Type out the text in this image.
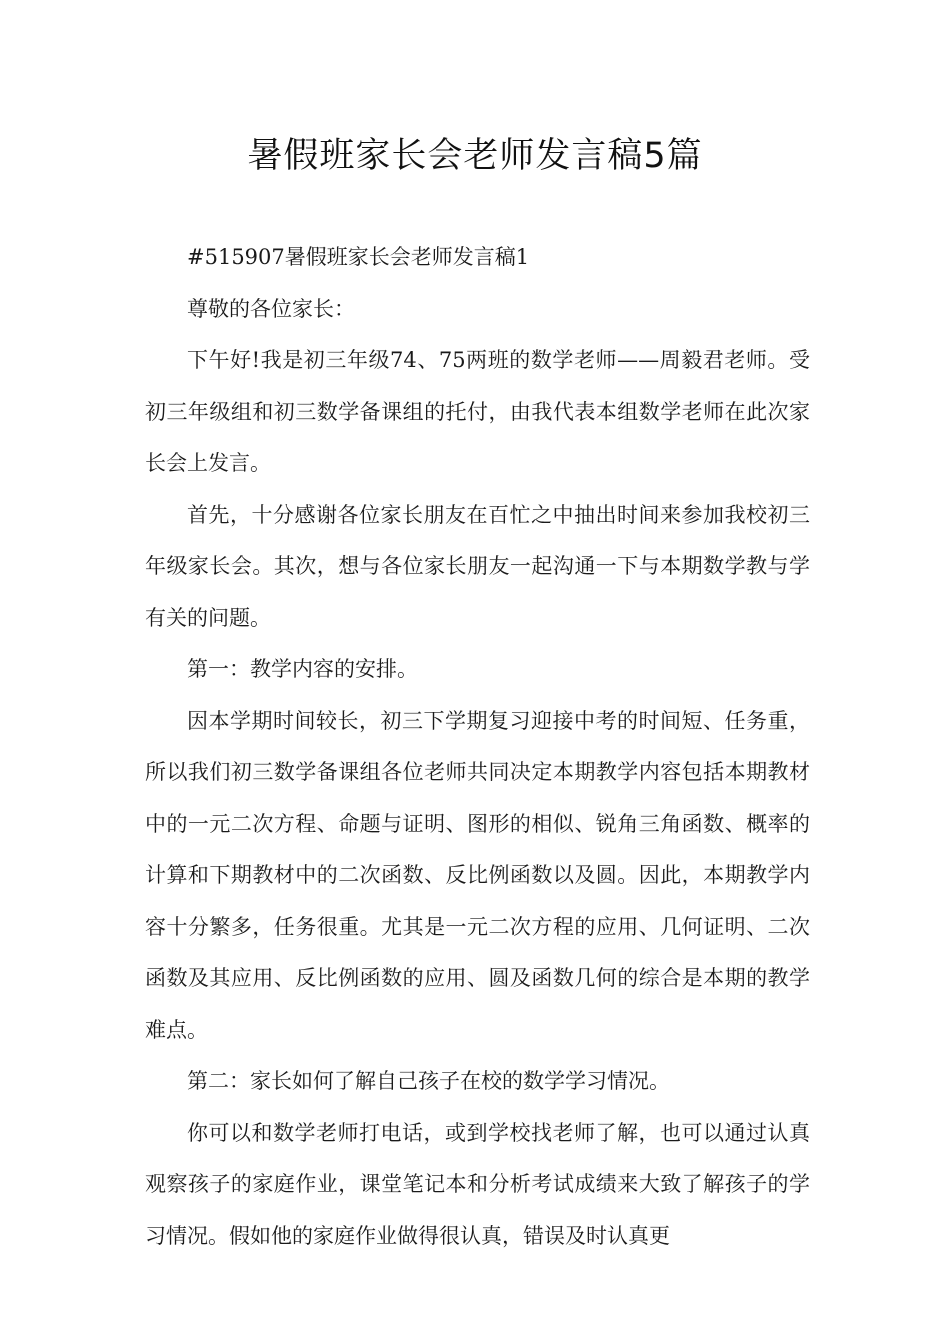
暑假班家长会老师发言稿5篇

#515907暑假班家长会老师发言稿1

尊敬的各位家长：

下午好!我是初三年级74、75两班的数学老师——周毅君老师。受初三年级组和初三数学备课组的托付，由我代表本组数学老师在此次家长会上发言。

首先，十分感谢各位家长朋友在百忙之中抽出时间来参加我校初三年级家长会。其次，想与各位家长朋友一起沟通一下与本期数学教与学有关的问题。

第一：教学内容的安排。

因本学期时间较长，初三下学期复习迎接中考的时间短、任务重，所以我们初三数学备课组各位老师共同决定本期教学内容包括本期教材中的一元二次方程、命题与证明、图形的相似、锐角三角函数、概率的计算和下期教材中的二次函数、反比例函数以及圆。因此，本期教学内容十分繁多，任务很重。尤其是一元二次方程的应用、几何证明、二次函数及其应用、反比例函数的应用、圆及函数几何的综合是本期的教学难点。

第二：家长如何了解自己孩子在校的数学学习情况。

你可以和数学老师打电话，或到学校找老师了解，也可以通过认真观察孩子的家庭作业，课堂笔记本和分析考试成绩来大致了解孩子的学习情况。假如他的家庭作业做得很认真，错误及时认真更
